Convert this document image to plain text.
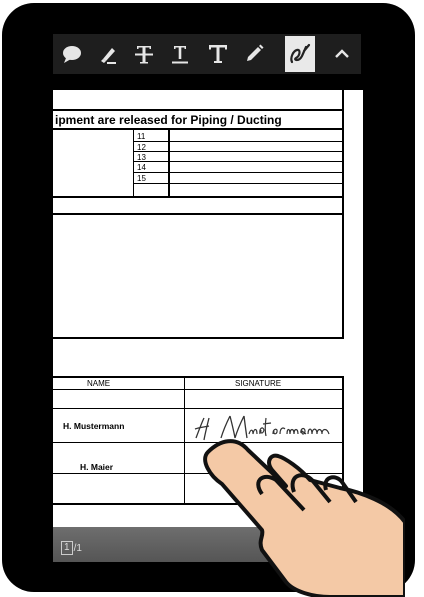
ipment are released for Piping / Ducting
11
12
13
14
15
NAME	SIGNATURE
H. Mustermann
H. Maier
1 /1
